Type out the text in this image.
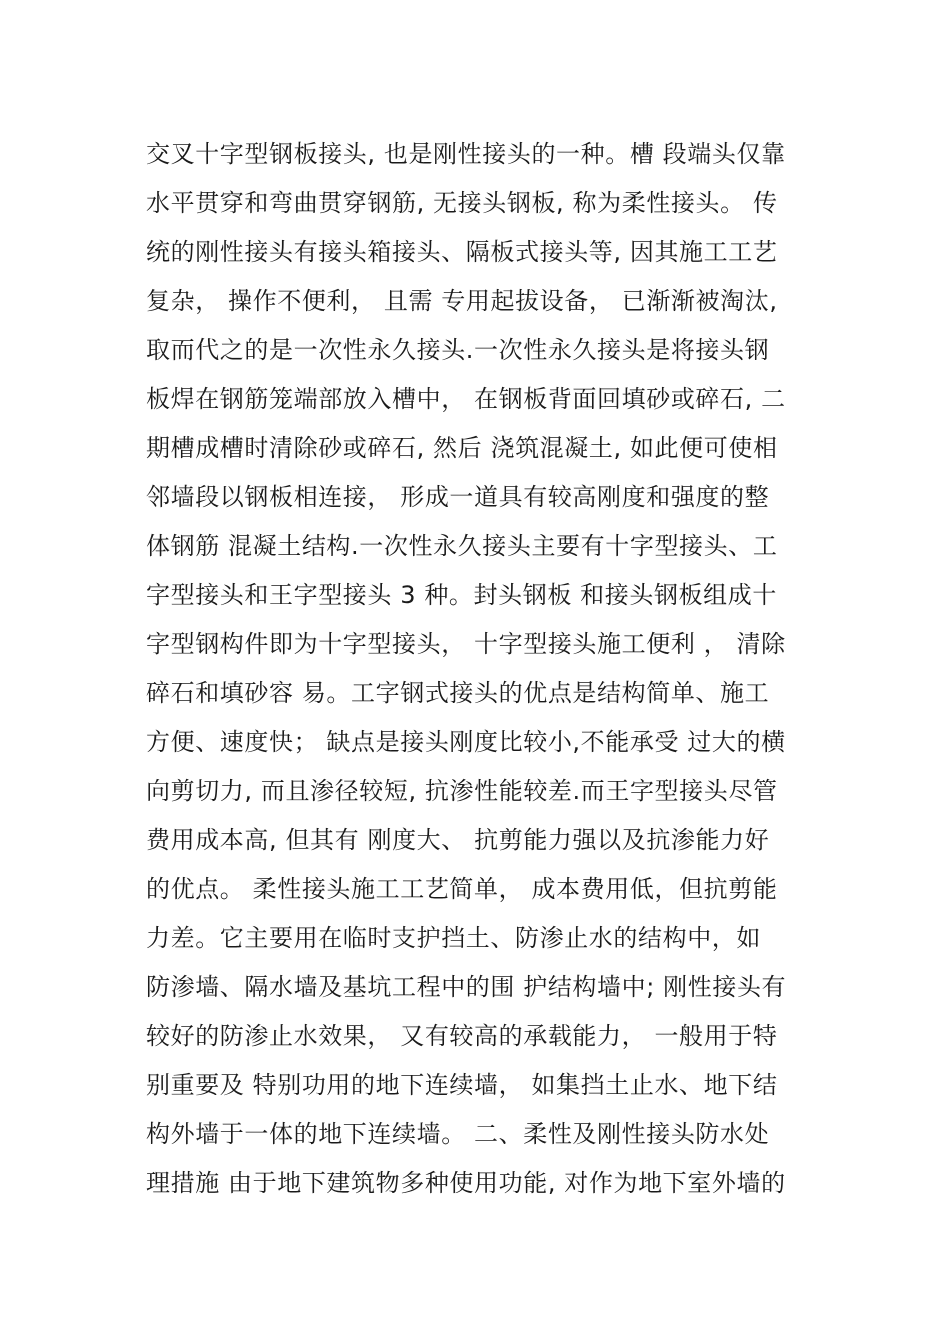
交叉十字型钢板接头, 也是刚性接头的一种。槽 段端头仅靠
水平贯穿和弯曲贯穿钢筋, 无接头钢板, 称为柔性接头。 传
统的刚性接头有接头箱接头、隔板式接头等, 因其施工工艺
复杂， 操作不便利， 且需 专用起拔设备， 已渐渐被淘汰,
取而代之的是一次性永久接头.一次性永久接头是将接头钢
板焊在钢筋笼端部放入槽中， 在钢板背面回填砂或碎石, 二
期槽成槽时清除砂或碎石, 然后 浇筑混凝土, 如此便可使相
邻墙段以钢板相连接， 形成一道具有较高刚度和强度的整
体钢筋 混凝土结构.一次性永久接头主要有十字型接头、工
字型接头和王字型接头 3 种。封头钢板 和接头钢板组成十
字型钢构件即为十字型接头， 十字型接头施工便利 ， 清除
碎石和填砂容 易。工字钢式接头的优点是结构简单、施工
方便、速度快； 缺点是接头刚度比较小,不能承受 过大的横
向剪切力, 而且渗径较短, 抗渗性能较差.而王字型接头尽管
费用成本高, 但其有 刚度大、 抗剪能力强以及抗渗能力好
的优点。 柔性接头施工工艺简单， 成本费用低，但抗剪能
力差。它主要用在临时支护挡土、防渗止水的结构中，如
防渗墙、隔水墙及基坑工程中的围 护结构墙中; 刚性接头有
较好的防渗止水效果， 又有较高的承载能力， 一般用于特
别重要及 特别功用的地下连续墙， 如集挡土止水、地下结
构外墙于一体的地下连续墙。 二、柔性及刚性接头防水处
理措施 由于地下建筑物多种使用功能, 对作为地下室外墙的
